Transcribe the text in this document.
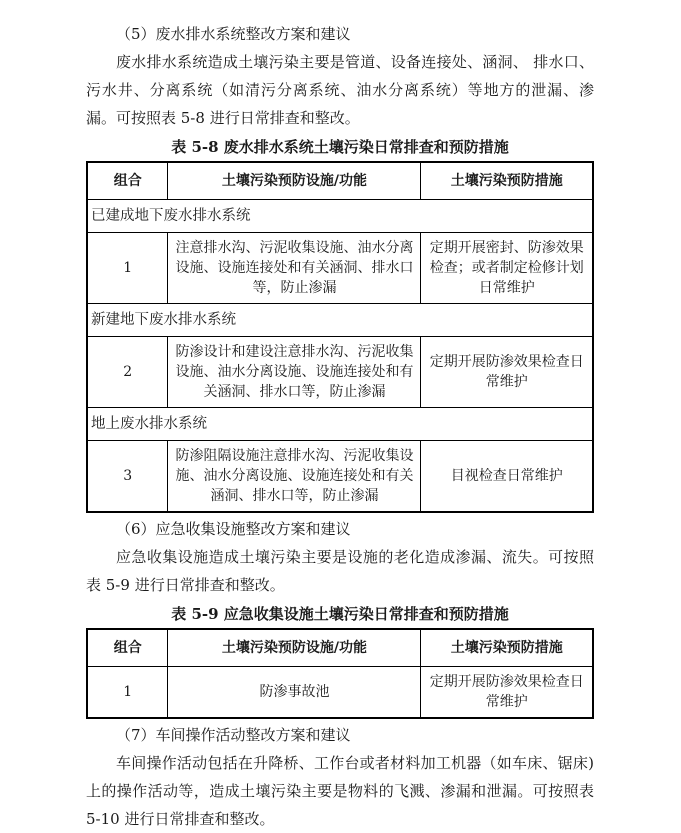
（5）废水排水系统整改方案和建议

废水排水系统造成土壤污染主要是管道、设备连接处、涵洞、 排水口、污水井、分离系统（如清污分离系统、油水分离系统）等地方的泄漏、渗漏。可按照表 5-8 进行日常排查和整改。

表 5-8 废水排水系统土壤污染日常排查和预防措施
组合	土壤污染预防设施/功能	土壤污染预防措施
已建成地下废水排水系统		
1	注意排水沟、污泥收集设施、油水分离设施、设施连接处和有关涵洞、排水口等，防止渗漏	定期开展密封、防渗效果检查；或者制定检修计划日常维护
新建地下废水排水系统		
2	防渗设计和建设注意排水沟、污泥收集设施、油水分离设施、设施连接处和有关涵洞、排水口等，防止渗漏	定期开展防渗效果检查日常维护
地上废水排水系统		
3	防渗阻隔设施注意排水沟、污泥收集设施、油水分离设施、设施连接处和有关涵洞、排水口等，防止渗漏	目视检查日常维护

（6）应急收集设施整改方案和建议

应急收集设施造成土壤污染主要是设施的老化造成渗漏、流失。可按照表 5-9 进行日常排查和整改。

表 5-9 应急收集设施土壤污染日常排查和预防措施
组合	土壤污染预防设施/功能	土壤污染预防措施
1	防渗事故池	定期开展防渗效果检查日常维护

（7）车间操作活动整改方案和建议

车间操作活动包括在升降桥、工作台或者材料加工机器（如车床、锯床)上的操作活动等，造成土壤污染主要是物料的飞溅、渗漏和泄漏。可按照表 5-10 进行日常排查和整改。
